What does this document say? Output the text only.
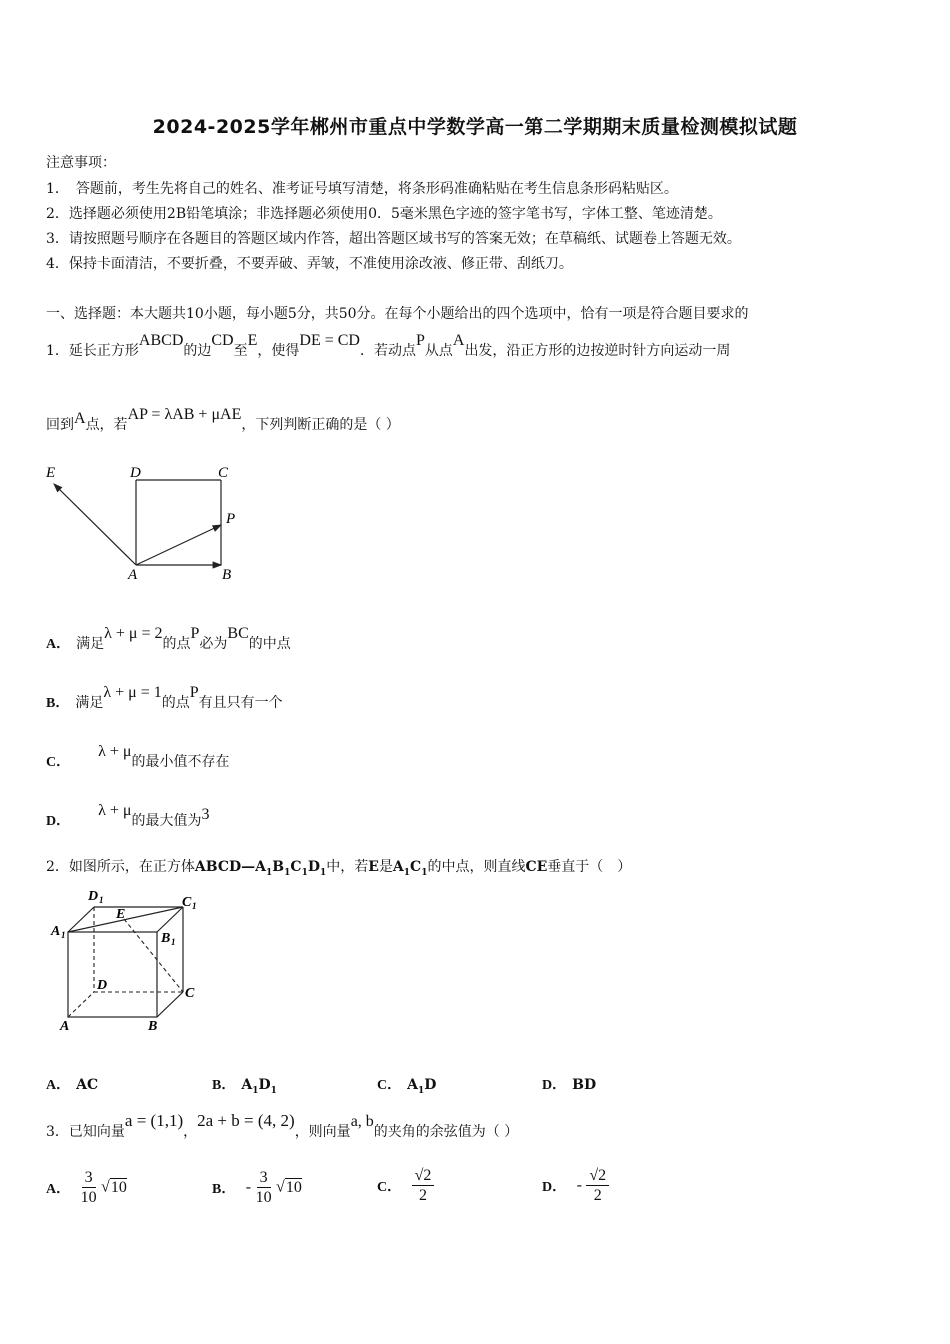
2024-2025学年郴州市重点中学数学高一第二学期期末质量检测模拟试题
注意事项：
1．　答题前，考生先将自己的姓名、准考证号填写清楚，将条形码准确粘贴在考生信息条形码粘贴区。
2．选择题必须使用2B铅笔填涂；非选择题必须使用0．5毫米黑色字迹的签字笔书写，字体工整、笔迹清楚。
3．请按照题号顺序在各题目的答题区域内作答，超出答题区域书写的答案无效；在草稿纸、试题卷上答题无效。
4．保持卡面清洁，不要折叠，不要弄破、弄皱，不准使用涂改液、修正带、刮纸刀。
一、选择题：本大题共10小题，每小题5分，共50分。在每个小题给出的四个选项中，恰有一项是符合题目要求的
1．延长正方形ABCD的边CD至E，使得DE = CD．若动点P从点A出发，沿正方形的边按逆时针方向运动一周
回到A点，若AP = λAB + μAE，下列判断正确的是（ ）
E	D	C
P
A	B
A． 满足λ + μ = 2的点P必为BC的中点
B． 满足λ + μ = 1的点P有且只有一个
C．λ + μ的最小值不存在
D．λ + μ的最大值为3
2．如图所示，在正方体$ABCD—A_1B_1C_1D_1$中，若E是$A_1C_1$的中点，则直线CE垂直于（　）
D 1	C 1
E
A 1	B 1
D
C
A	B
A． AC	B． $A_1D_1$	C． $A_1D$	D． BD
3．已知向量a = (1,1)，2a + b = (4, 2)，则向量a, b的夹角的余弦值为（ ）
A． $\frac{3}{10} √10$	B． - $\frac{3}{10} √10$	C． $\frac{√2}{2}$	D． - $\frac{√2}{2}$
